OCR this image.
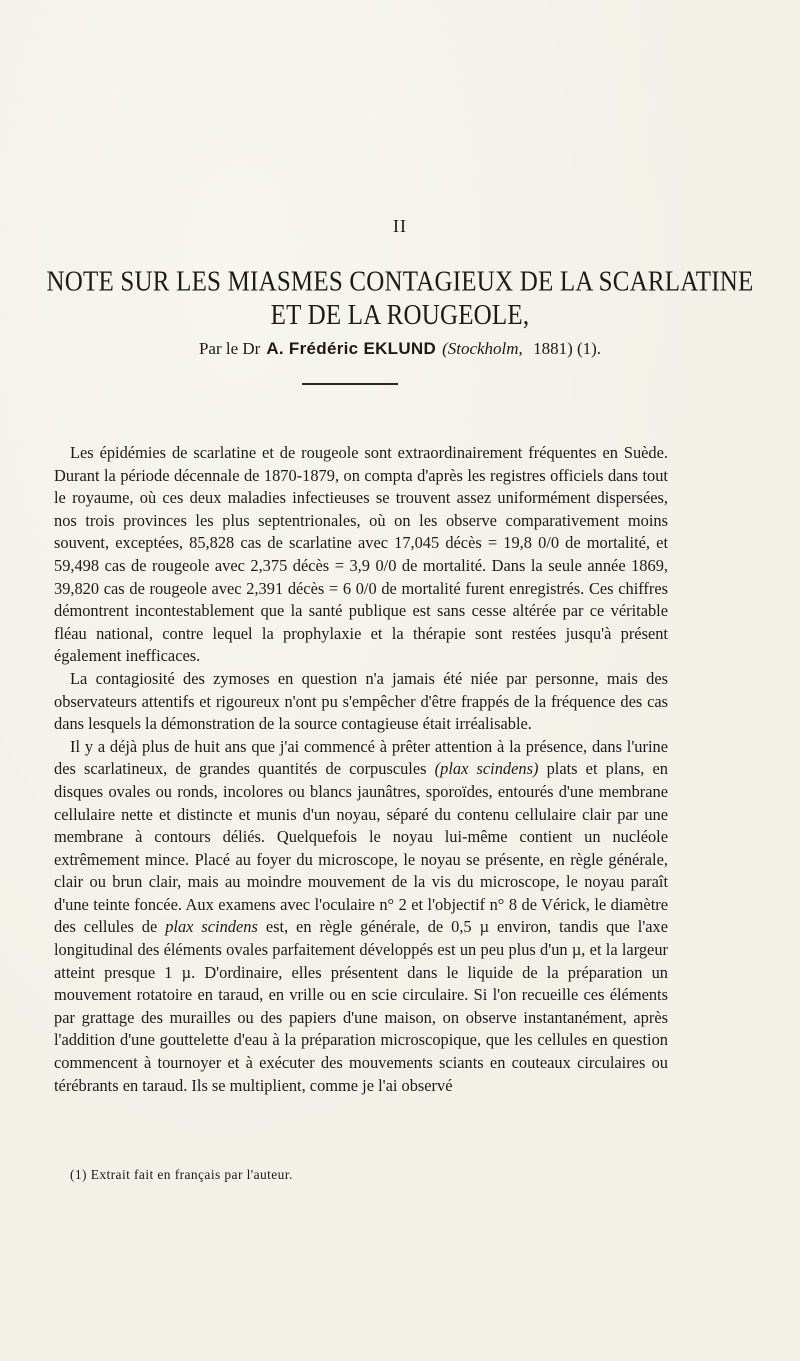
II
NOTE SUR LES MIASMES CONTAGIEUX DE LA SCARLATINE
ET DE LA ROUGEOLE,
Par le Dr A. Frédéric EKLUND (Stockholm, 1881) (1).

Les épidémies de scarlatine et de rougeole sont extraordinairement fréquentes en Suède. Durant la période décennale de 1870-1879, on compta d'après les registres officiels dans tout le royaume, où ces deux maladies infectieuses se trouvent assez uniformément dispersées, nos trois provinces les plus septentrionales, où on les observe comparativement moins souvent, exceptées, 85,828 cas de scarlatine avec 17,045 décès = 19,8 0/0 de mortalité, et 59,498 cas de rougeole avec 2,375 décès = 3,9 0/0 de mortalité. Dans la seule année 1869, 39,820 cas de rougeole avec 2,391 décès = 6 0/0 de mortalité furent enregistrés. Ces chiffres démontrent incontestablement que la santé publique est sans cesse altérée par ce véritable fléau national, contre lequel la prophylaxie et la thérapie sont restées jusqu'à présent également inefficaces.

La contagiosité des zymoses en question n'a jamais été niée par personne, mais des observateurs attentifs et rigoureux n'ont pu s'empêcher d'être frappés de la fréquence des cas dans lesquels la démonstration de la source contagieuse était irréalisable.

Il y a déjà plus de huit ans que j'ai commencé à prêter attention à la présence, dans l'urine des scarlatineux, de grandes quantités de corpuscules (plax scindens) plats et plans, en disques ovales ou ronds, incolores ou blancs jaunâtres, sporoïdes, entourés d'une membrane cellulaire nette et distincte et munis d'un noyau, séparé du contenu cellulaire clair par une membrane à contours déliés. Quelquefois le noyau lui-même contient un nucléole extrêmement mince. Placé au foyer du microscope, le noyau se présente, en règle générale, clair ou brun clair, mais au moindre mouvement de la vis du microscope, le noyau paraît d'une teinte foncée. Aux examens avec l'oculaire n° 2 et l'objectif n° 8 de Vérick, le diamètre des cellules de plax scindens est, en règle générale, de 0,5 µ environ, tandis que l'axe longitudinal des éléments ovales parfaitement développés est un peu plus d'un µ, et la largeur atteint presque 1 µ. D'ordinaire, elles présentent dans le liquide de la préparation un mouvement rotatoire en taraud, en vrille ou en scie circulaire. Si l'on recueille ces éléments par grattage des murailles ou des papiers d'une maison, on observe instantanément, après l'addition d'une gouttelette d'eau à la préparation microscopique, que les cellules en question commencent à tournoyer et à exécuter des mouvements sciants en couteaux circulaires ou térébrants en taraud. Ils se multiplient, comme je l'ai observé

(1) Extrait fait en français par l'auteur.
